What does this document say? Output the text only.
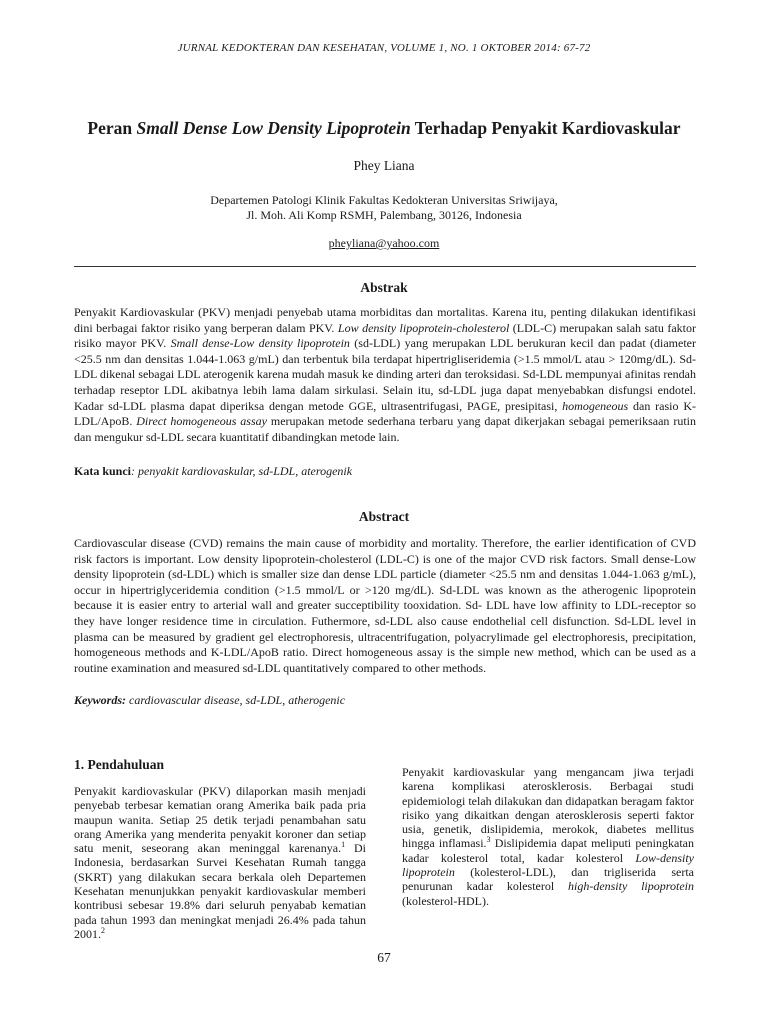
JURNAL KEDOKTERAN DAN KESEHATAN, VOLUME 1, NO. 1 OKTOBER 2014: 67-72
Peran Small Dense Low Density Lipoprotein Terhadap Penyakit Kardiovaskular
Phey Liana
Departemen Patologi Klinik Fakultas Kedokteran Universitas Sriwijaya,
Jl. Moh. Ali Komp RSMH, Palembang, 30126, Indonesia
pheyliana@yahoo.com
Abstrak
Penyakit Kardiovaskular (PKV) menjadi penyebab utama morbiditas dan mortalitas. Karena itu, penting dilakukan identifikasi dini berbagai faktor risiko yang berperan dalam PKV. Low density lipoprotein-cholesterol (LDL-C) merupakan salah satu faktor risiko mayor PKV. Small dense-Low density lipoprotein (sd-LDL) yang merupakan LDL berukuran kecil dan padat (diameter <25.5 nm dan densitas 1.044-1.063 g/mL) dan terbentuk bila terdapat hipertrigliseridemia (>1.5 mmol/L atau > 120mg/dL). Sd-LDL dikenal sebagai LDL aterogenik karena mudah masuk ke dinding arteri dan teroksidasi. Sd-LDL mempunyai afinitas rendah terhadap reseptor LDL akibatnya lebih lama dalam sirkulasi. Selain itu, sd-LDL juga dapat menyebabkan disfungsi endotel. Kadar sd-LDL plasma dapat diperiksa dengan metode GGE, ultrasentrifugasi, PAGE, presipitasi, homogeneous dan rasio K-LDL/ApoB. Direct homogeneous assay merupakan metode sederhana terbaru yang dapat dikerjakan sebagai pemeriksaan rutin dan mengukur sd-LDL secara kuantitatif dibandingkan metode lain.
Kata kunci: penyakit kardiovaskular, sd-LDL, aterogenik
Abstract
Cardiovascular disease (CVD) remains the main cause of morbidity and mortality. Therefore, the earlier identification of CVD risk factors is important. Low density lipoprotein-cholesterol (LDL-C) is one of the major CVD risk factors. Small dense-Low density lipoprotein (sd-LDL) which is smaller size dan dense LDL particle (diameter <25.5 nm and densitas 1.044-1.063 g/mL), occur in hipertriglyceridemia condition (>1.5 mmol/L or >120 mg/dL). Sd-LDL was known as the atherogenic lipoprotein because it is easier entry to arterial wall and greater succeptibility tooxidation. Sd- LDL have low affinity to LDL-receptor so they have longer residence time in circulation. Futhermore, sd-LDL also cause endothelial cell disfunction. Sd-LDL level in plasma can be measured by gradient gel electrophoresis, ultracentrifugation, polyacrylimade gel electrophoresis, precipitation, homogeneous methods and K-LDL/ApoB ratio. Direct homogeneous assay is the simple new method, which can be used as a routine examination and measured sd-LDL quantitatively compared to other methods.
Keywords: cardiovascular disease, sd-LDL, atherogenic
1. Pendahuluan
Penyakit kardiovaskular (PKV) dilaporkan masih menjadi penyebab terbesar kematian orang Amerika baik pada pria maupun wanita. Setiap 25 detik terjadi penambahan satu orang Amerika yang menderita penyakit koroner dan setiap satu menit, seseorang akan meninggal karenanya.$^1$ Di Indonesia, berdasarkan Survei Kesehatan Rumah tangga (SKRT) yang dilakukan secara berkala oleh Departemen Kesehatan menunjukkan penyakit kardiovaskular memberi kontribusi sebesar 19.8% dari seluruh penyabab kematian pada tahun 1993 dan meningkat menjadi 26.4% pada tahun 2001.$^2$
Penyakit kardiovaskular yang mengancam jiwa terjadi karena komplikasi aterosklerosis. Berbagai studi epidemiologi telah dilakukan dan didapatkan beragam faktor risiko yang dikaitkan dengan aterosklerosis seperti faktor usia, genetik, dislipidemia, merokok, diabetes mellitus hingga inflamasi.$^3$ Dislipidemia dapat meliputi peningkatan kadar kolesterol total, kadar kolesterol Low-density lipoprotein (kolesterol-LDL), dan trigliserida serta penurunan kadar kolesterol high-density lipoprotein (kolesterol-HDL).
67
